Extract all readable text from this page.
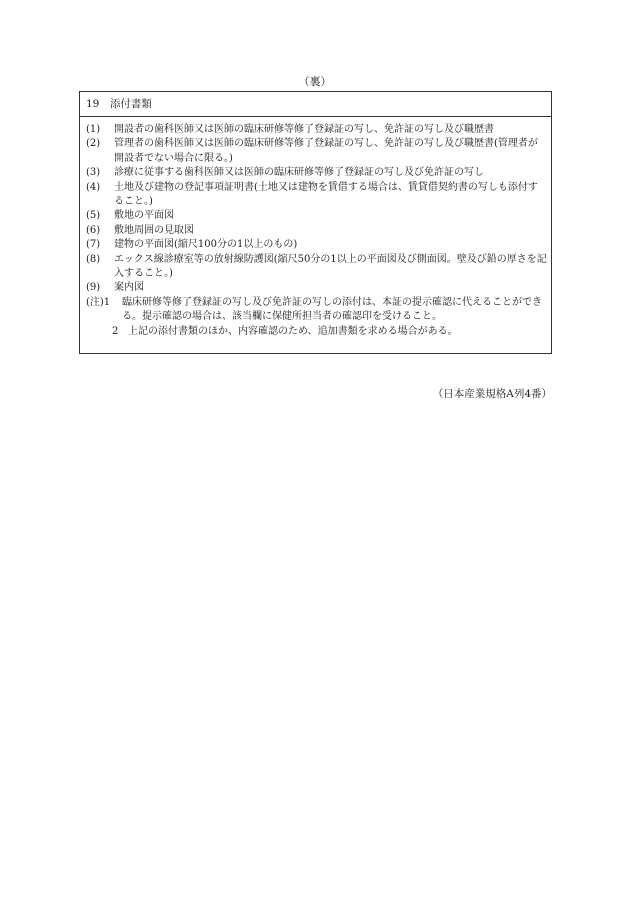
（裏）
19　添付書類
(1)	開設者の歯科医師又は医師の臨床研修等修了登録証の写し、免許証の写し及び職歴書
(2)	管理者の歯科医師又は医師の臨床研修等修了登録証の写し、免許証の写し及び職歴書(管理者が開設者でない場合に限る。)
(3)	診療に従事する歯科医師又は医師の臨床研修等修了登録証の写し及び免許証の写し
(4)	土地及び建物の登記事項証明書(土地又は建物を賃借する場合は、賃貸借契約書の写しも添付すること。)
(5)	敷地の平面図
(6)	敷地周囲の見取図
(7)	建物の平面図(縮尺100分の1以上のもの)
(8)	エックス線診療室等の放射線防護図(縮尺50分の1以上の平面図及び側面図。壁及び鉛の厚さを記入すること。)
(9)	案内図
(注)1	臨床研修等修了登録証の写し及び免許証の写しの添付は、本証の提示確認に代えることができる。提示確認の場合は、該当欄に保健所担当者の確認印を受けること。
2 上記の添付書類のほか、内容確認のため、追加書類を求める場合がある。
（日本産業規格A列4番）
